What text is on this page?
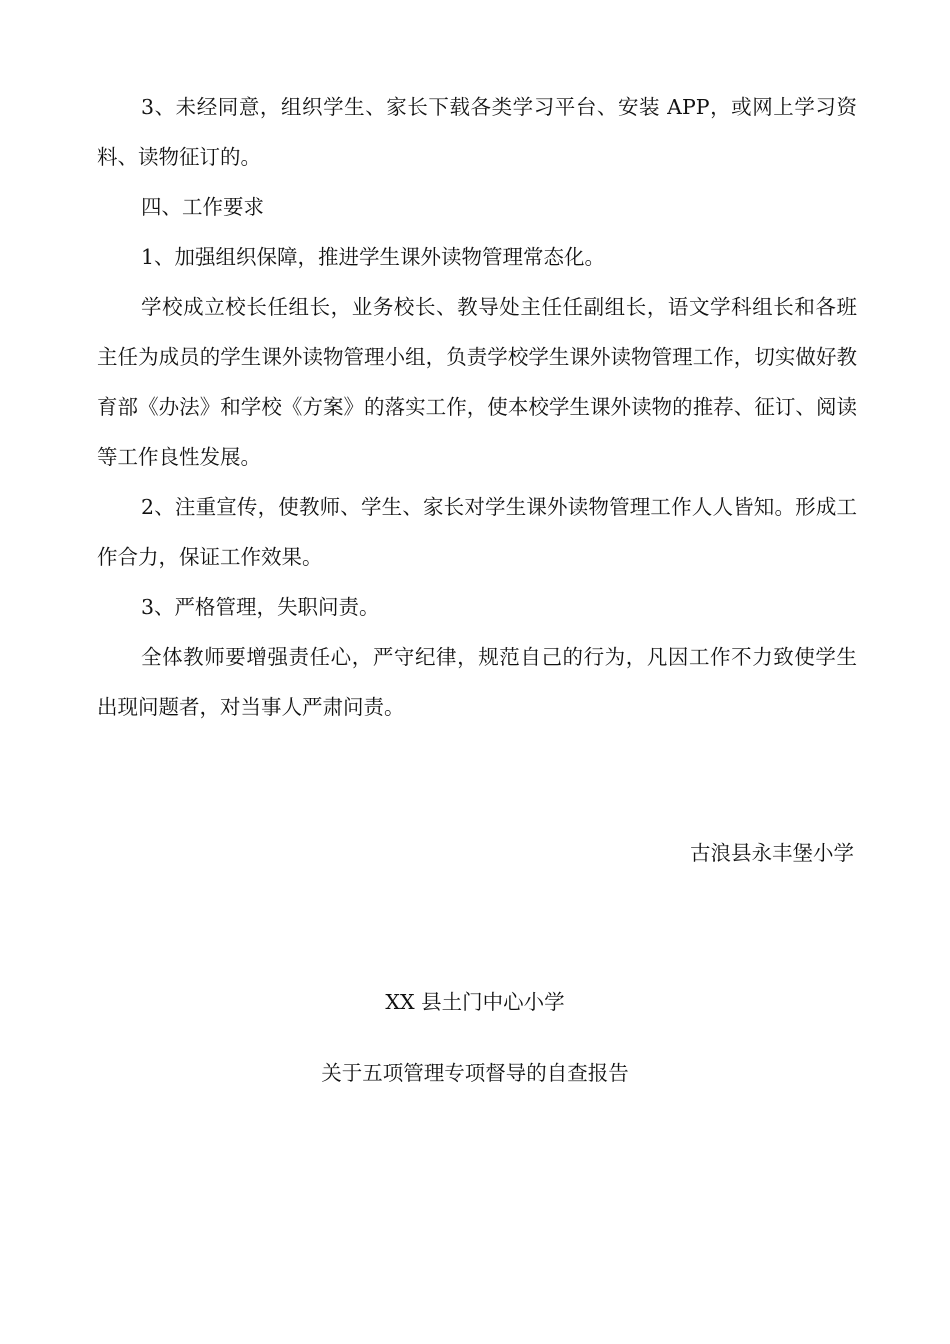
3、未经同意，组织学生、家长下载各类学习平台、安装 APP，或网上学习资料、读物征订的。

四、工作要求

1、加强组织保障，推进学生课外读物管理常态化。

学校成立校长任组长，业务校长、教导处主任任副组长，语文学科组长和各班主任为成员的学生课外读物管理小组，负责学校学生课外读物管理工作，切实做好教育部《办法》和学校《方案》的落实工作，使本校学生课外读物的推荐、征订、阅读等工作良性发展。

2、注重宣传，使教师、学生、家长对学生课外读物管理工作人人皆知。形成工作合力，保证工作效果。

3、严格管理，失职问责。

全体教师要增强责任心，严守纪律，规范自己的行为，凡因工作不力致使学生出现问题者，对当事人严肃问责。

古浪县永丰堡小学

XX 县土门中心小学

关于五项管理专项督导的自查报告
